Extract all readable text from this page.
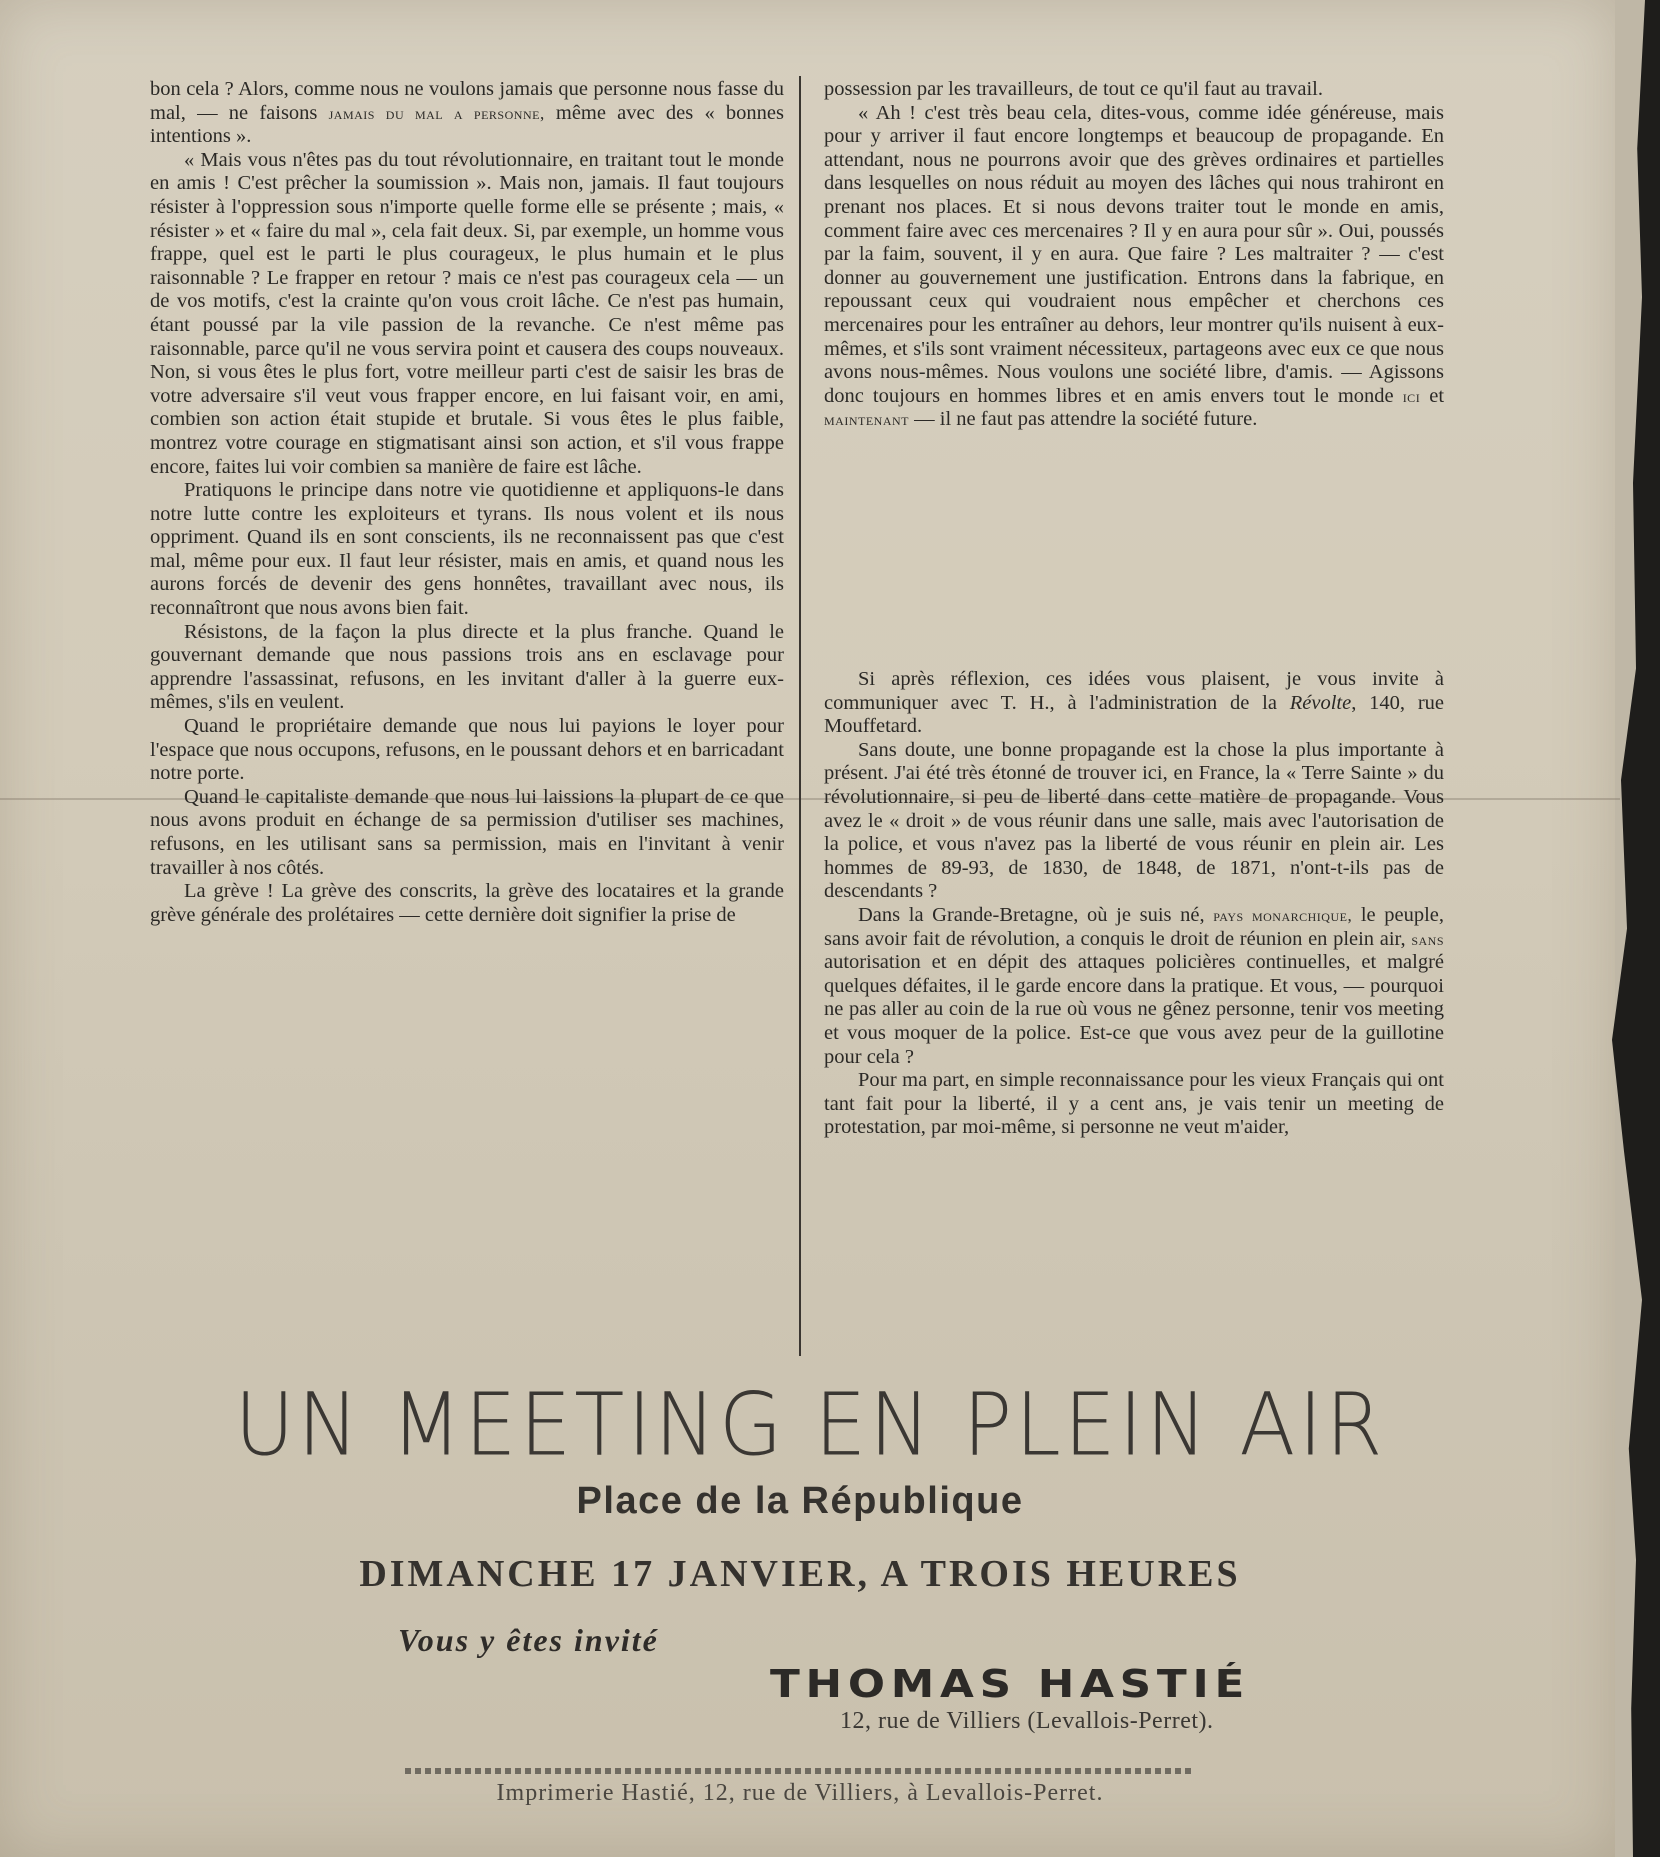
bon cela ? Alors, comme nous ne voulons jamais que personne nous fasse du mal, — ne faisons jamais du mal a personne, même avec des « bonnes intentions ».

« Mais vous n'êtes pas du tout révolutionnaire, en traitant tout le monde en amis ! C'est prêcher la soumission ». Mais non, jamais. Il faut toujours résister à l'oppression sous n'importe quelle forme elle se présente ; mais, « résister » et « faire du mal », cela fait deux. Si, par exemple, un homme vous frappe, quel est le parti le plus courageux, le plus humain et le plus raisonnable ? Le frapper en retour ? mais ce n'est pas courageux cela — un de vos motifs, c'est la crainte qu'on vous croit lâche. Ce n'est pas humain, étant poussé par la vile passion de la revanche. Ce n'est même pas raisonnable, parce qu'il ne vous servira point et causera des coups nouveaux. Non, si vous êtes le plus fort, votre meilleur parti c'est de saisir les bras de votre adversaire s'il veut vous frapper encore, en lui faisant voir, en ami, combien son action était stupide et brutale. Si vous êtes le plus faible, montrez votre courage en stigmatisant ainsi son action, et s'il vous frappe encore, faites lui voir combien sa manière de faire est lâche.

Pratiquons le principe dans notre vie quotidienne et appliquons-le dans notre lutte contre les exploiteurs et tyrans. Ils nous volent et ils nous oppriment. Quand ils en sont conscients, ils ne reconnaissent pas que c'est mal, même pour eux. Il faut leur résister, mais en amis, et quand nous les aurons forcés de devenir des gens honnêtes, travaillant avec nous, ils reconnaîtront que nous avons bien fait.

Résistons, de la façon la plus directe et la plus franche. Quand le gouvernant demande que nous passions trois ans en esclavage pour apprendre l'assassinat, refusons, en les invitant d'aller à la guerre eux-mêmes, s'ils en veulent.

Quand le propriétaire demande que nous lui payions le loyer pour l'espace que nous occupons, refusons, en le poussant dehors et en barricadant notre porte.

Quand le capitaliste demande que nous lui laissions la plupart de ce que nous avons produit en échange de sa permission d'utiliser ses machines, refusons, en les utilisant sans sa permission, mais en l'invitant à venir travailler à nos côtés.

La grève ! La grève des conscrits, la grève des locataires et la grande grève générale des prolétaires — cette dernière doit signifier la prise de

possession par les travailleurs, de tout ce qu'il faut au travail.

« Ah ! c'est très beau cela, dites-vous, comme idée généreuse, mais pour y arriver il faut encore longtemps et beaucoup de propagande. En attendant, nous ne pourrons avoir que des grèves ordinaires et partielles dans lesquelles on nous réduit au moyen des lâches qui nous trahiront en prenant nos places. Et si nous devons traiter tout le monde en amis, comment faire avec ces mercenaires ? Il y en aura pour sûr ». Oui, poussés par la faim, souvent, il y en aura. Que faire ? Les maltraiter ? — c'est donner au gouvernement une justification. Entrons dans la fabrique, en repoussant ceux qui voudraient nous empêcher et cherchons ces mercenaires pour les entraîner au dehors, leur montrer qu'ils nuisent à eux-mêmes, et s'ils sont vraiment nécessiteux, partageons avec eux ce que nous avons nous-mêmes. Nous voulons une société libre, d'amis. — Agissons donc toujours en hommes libres et en amis envers tout le monde ici et maintenant — il ne faut pas attendre la société future.

Si après réflexion, ces idées vous plaisent, je vous invite à communiquer avec T. H., à l'administration de la Révolte, 140, rue Mouffetard.

Sans doute, une bonne propagande est la chose la plus importante à présent. J'ai été très étonné de trouver ici, en France, la « Terre Sainte » du révolutionnaire, si peu de liberté dans cette matière de propagande. Vous avez le « droit » de vous réunir dans une salle, mais avec l'autorisation de la police, et vous n'avez pas la liberté de vous réunir en plein air. Les hommes de 89-93, de 1830, de 1848, de 1871, n'ont-t-ils pas de descendants ?

Dans la Grande-Bretagne, où je suis né, pays monarchique, le peuple, sans avoir fait de révolution, a conquis le droit de réunion en plein air, sans autorisation et en dépit des attaques policières continuelles, et malgré quelques défaites, il le garde encore dans la pratique. Et vous, — pourquoi ne pas aller au coin de la rue où vous ne gênez personne, tenir vos meeting et vous moquer de la police. Est-ce que vous avez peur de la guillotine pour cela ?

Pour ma part, en simple reconnaissance pour les vieux Français qui ont tant fait pour la liberté, il y a cent ans, je vais tenir un meeting de protestation, par moi-même, si personne ne veut m'aider,

UN MEETING EN PLEIN AIR
Place de la République
DIMANCHE 17 JANVIER, A TROIS HEURES
Vous y êtes invité
THOMAS HASTIÉ
12, rue de Villiers (Levallois-Perret).
Imprimerie Hastié, 12, rue de Villiers, à Levallois-Perret.
